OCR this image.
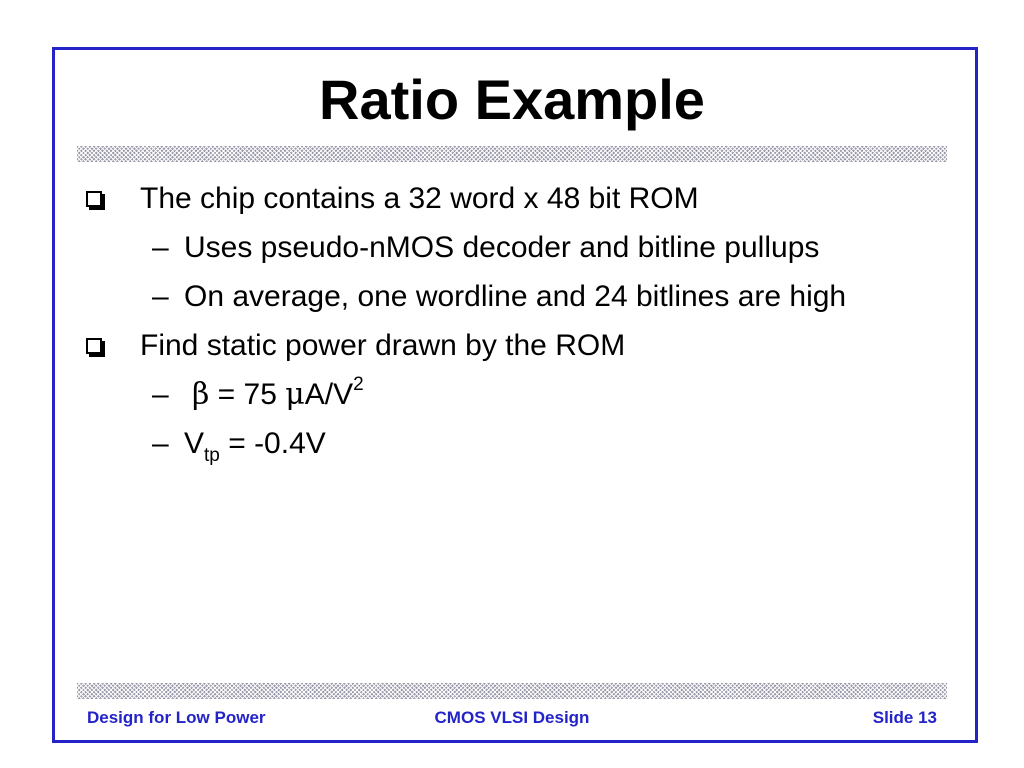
Ratio Example
The chip contains a 32 word x 48 bit ROM
– Uses pseudo-nMOS decoder and bitline pullups
– On average, one wordline and 24 bitlines are high
Find static power drawn by the ROM
– β = 75 $\mu A/V^2$
– $V_{tp} = -0.4V$
Design for Low Power	CMOS VLSI Design	Slide 13
